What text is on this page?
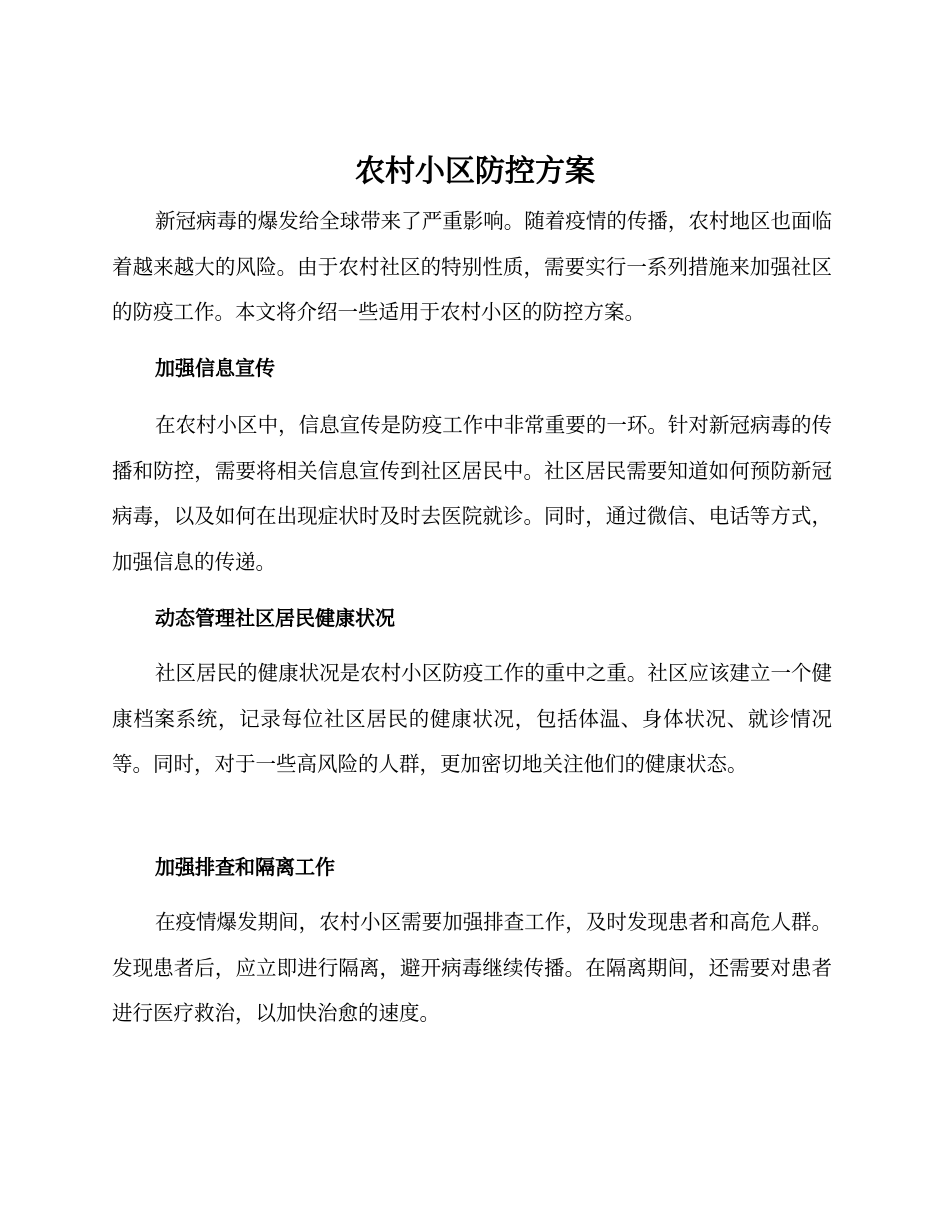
农村小区防控方案

新冠病毒的爆发给全球带来了严重影响。随着疫情的传播，农村地区也面临着越来越大的风险。由于农村社区的特别性质，需要实行一系列措施来加强社区的防疫工作。本文将介绍一些适用于农村小区的防控方案。

加强信息宣传

在农村小区中，信息宣传是防疫工作中非常重要的一环。针对新冠病毒的传播和防控，需要将相关信息宣传到社区居民中。社区居民需要知道如何预防新冠病毒，以及如何在出现症状时及时去医院就诊。同时，通过微信、电话等方式，加强信息的传递。

动态管理社区居民健康状况

社区居民的健康状况是农村小区防疫工作的重中之重。社区应该建立一个健康档案系统，记录每位社区居民的健康状况，包括体温、身体状况、就诊情况等。同时，对于一些高风险的人群，更加密切地关注他们的健康状态。

加强排查和隔离工作

在疫情爆发期间，农村小区需要加强排查工作，及时发现患者和高危人群。发现患者后，应立即进行隔离，避开病毒继续传播。在隔离期间，还需要对患者进行医疗救治，以加快治愈的速度。
